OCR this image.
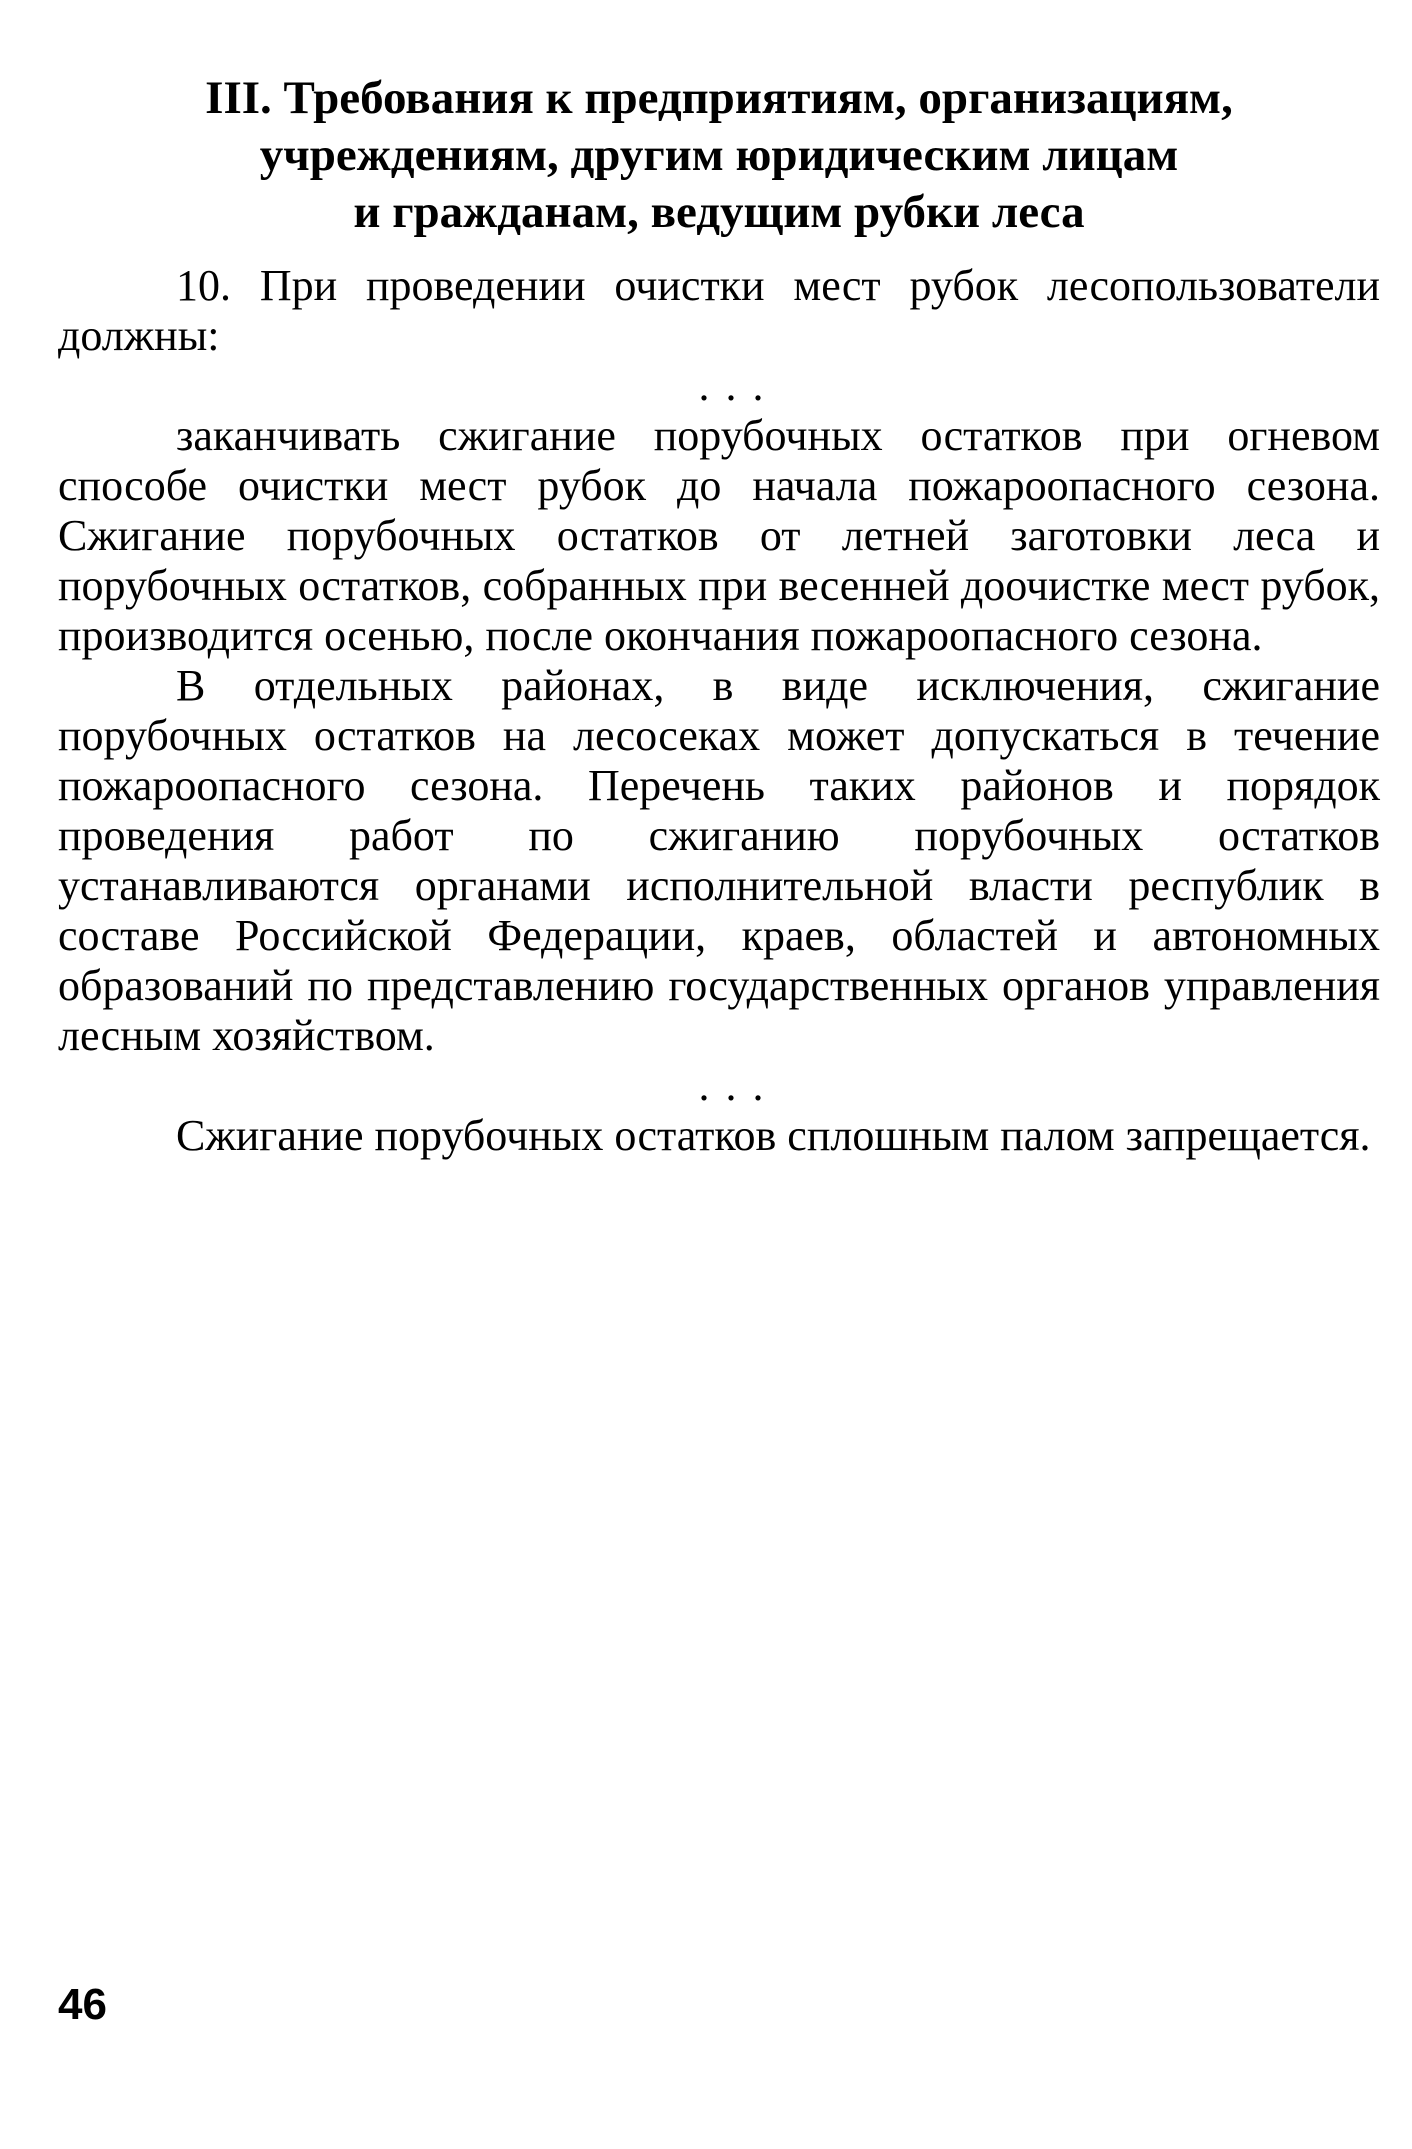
III. Требования к предприятиям, организациям,
учреждениям, другим юридическим лицам
и гражданам, ведущим рубки леса

10. При проведении очистки мест рубок лесопользователи должны:

...

заканчивать сжигание порубочных остатков при огневом способе очистки мест рубок до начала пожароопасного сезона. Сжигание порубочных остатков от летней заготовки леса и порубочных остатков, собранных при весенней доочистке мест рубок, производится осенью, после окончания пожароопасного сезона.

В отдельных районах, в виде исключения, сжигание порубочных остатков на лесосеках может допускаться в течение пожароопасного сезона. Перечень таких районов и порядок проведения работ по сжиганию порубочных остатков устанавливаются органами исполнительной власти республик в составе Российской Федерации, краев, областей и автономных образований по представлению государственных органов управления лесным хозяйством.

...

Сжигание порубочных остатков сплошным палом запрещается.

46
